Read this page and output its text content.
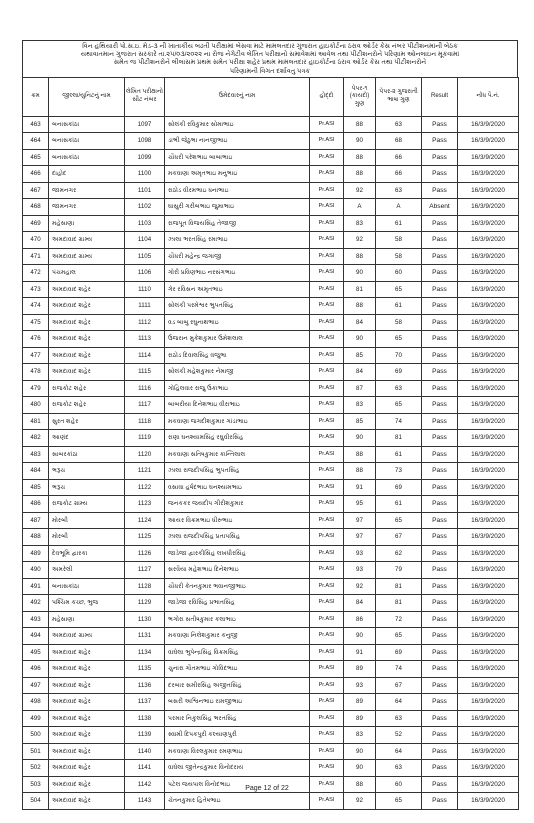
વિન હથિયારી પો.સ.ઇ. મેડ-૩ ની ખાતાકીય બઢતી પરીક્ષામાં બેસવા માટે મામલતદાર ગુજરાત હાઇકોર્ટના ઠરાવ ઓર્ડર કેસ નંબર પીટીશનમાંની બેઠક
યથાવાતમાન ગુજરાત સરકારે તા.૨૫/૦૩/૨૦૨૨ ના રોજ નેગેટીવ લેખિત પરીક્ષાનો સમાવેશમાં આવેલ તથા પીટીશનરોને પરિણામ ઓનલાઇન મૂકવામાં
સમેત જ પીટીશનરોને લીલાસમ પ્રથમ સમેત પરીક્ષા શહેર પ્રથમ મામલતદાર હાઇકોર્ટના ઠરાવ ઓર્ડર કેસ તથા પીટીશનરોને
પરિણામની વિગત દર્શાવતુ પત્રક
ક્રમ	જીલ્લા/યુનિટનું નામ	લેખિત પરીક્ષાનો સીટ નંબર	ઉમેદવારનું નામ	હોદ્દો	પેપર-૧ (કાયદો) ગુણ	પેપર-૨ ગુજરાતી ભાષા ગુણ	Result	નોંધ પૈ.નં.
463	બનાસકાંઠા	1097	સોલંકી રવિકુમાર સોમાભાઇ	Pr.ASI	88	63	Pass	16/3/9/2020
464	બનાસકાંઠા	1098	ડાભી જેઠુભા નાનજીભાઇ	Pr.ASI	90	68	Pass	16/3/9/2020
465	બનાસકાંઠા	1099	ચૌધરી પરેશભાઇ બાબાભાઇ	Pr.ASI	88	66	Pass	16/3/9/2020
466	દાહોદ	1100	મકવાણા અમૃતભાઇ મનુભાઇ	Pr.ASI	88	66	Pass	16/3/9/2020
467	જામનગર	1101	રાઠોડ વીરમભાઇ ધનાભાઇ	Pr.ASI	92	63	Pass	16/3/9/2020
468	જામનગર	1102	ઘાસુરી ગરીબભાઇ જુમાભાઇ	Pr.ASI	A	A	Absent	16/3/9/2020
469	મહેસાણા	1103	રાજપૂત વિજયસિંહ તેજાજી	Pr.ASI	83	61	Pass	16/3/9/2020
470	અમદાવાદ ગ્રામ્ય	1104	ઝાલા ભરતસિંહ રમાભાઇ	Pr.ASI	92	58	Pass	16/3/9/2020
471	અમદાવાદ ગ્રામ્ય	1105	ચૌધરી મહેન્દ્ર જગાજી	Pr.ASI	88	58	Pass	16/3/9/2020
472	પંચમહાલ	1106	ગોરી પ્રવિણભાઇ નરસંગભાઇ	Pr.ASI	90	60	Pass	16/3/9/2020
473	અમદાવાદ શહેર	1110	ગેર રવિસન અમૃતભાઇ	Pr.ASI	81	65	Pass	16/3/9/2020
474	અમદાવાદ શહેર	1111	સોલંકી પરમેશ્વર ભુપતસિંહ	Pr.ASI	88	61	Pass	16/3/9/2020
475	અમદાવાદ શહેર	1112	વડ બાબુ રઘુનાથભાઇ	Pr.ASI	84	58	Pass	16/3/9/2020
476	અમદાવાદ શહેર	1113	ઉજરાન મુકેશકુમાર ઉમેશલાલ	Pr.ASI	90	65	Pass	16/3/9/2020
477	અમદાવાદ શહેર	1114	રાઠોડ દિવાલસિંહ વજુભા	Pr.ASI	85	70	Pass	16/3/9/2020
478	અમદાવાદ શહેર	1115	સોલંકી મહેશકુમાર નેમાજી	Pr.ASI	84	69	Pass	16/3/9/2020
479	રાજકોટ શહેર	1116	ગોહિલવાર રાજુ ઉકાભાઇ	Pr.ASI	87	63	Pass	16/3/9/2020
480	રાજકોટ શહેર	1117	બાબરીયા દિનેશભાઇ વીરાભાઇ	Pr.ASI	83	65	Pass	16/3/9/2020
481	સુરત શહેર	1118	મકવાણા જગદીશકુમાર ગાંડાભાઇ	Pr.ASI	85	74	Pass	16/3/9/2020
482	આણંદ	1119	રાણા ઘનશ્યામસિંહ રઘુવીરસિંહ	Pr.ASI	90	81	Pass	16/3/9/2020
483	સાબરકાંઠા	1120	મકવાણા સતિષકુમાર કાન્તિલાલ	Pr.ASI	88	61	Pass	16/3/9/2020
484	ભરૂચ	1121	ઝાલા રાજદીપસિંહ ભુપતસિંહ	Pr.ASI	88	73	Pass	16/3/9/2020
485	ભરૂચ	1122	વસાવા હર્ષદભાઇ ઘનશ્યામભાઇ	Pr.ASI	91	69	Pass	16/3/9/2020
486	રાજકોટ ગ્રામ્ય	1123	જનકકર જયદીપ ગીરીશકુમાર	Pr.ASI	95	61	Pass	16/3/9/2020
487	મોરબી	1124	આયર વિક્રમભાઇ ધીરુભાઇ	Pr.ASI	97	65	Pass	16/3/9/2020
488	મોરબી	1125	ઝાલા રાજદીપસિંહ પ્રતાપસિંહ	Pr.ASI	97	67	Pass	16/3/9/2020
489	દેવભૂમિ દ્વારકા	1126	જાડેજા દ્વારકીસિંહ લખધીરસિંહ	Pr.ASI	93	62	Pass	16/3/9/2020
490	અમરેલી	1127	સરવૈયા મહેશભાઇ દિનેશભાઇ	Pr.ASI	93	79	Pass	16/3/9/2020
491	બનાસકાંઠા	1128	ચૌધરી કેતનકુમાર ભવાનજીભાઇ	Pr.ASI	92	81	Pass	16/3/9/2020
492	પશ્ચિમ કચ્છ, ભુજ	1129	જાડેજા રવિસિંહ પ્રભાતસિંહ	Pr.ASI	84	81	Pass	16/3/9/2020
493	મહેસાણા	1130	ભગોરા સતીષકુમાર કલાભાઇ	Pr.ASI	86	72	Pass	16/3/9/2020
494	અમદાવાદ ગ્રામ્ય	1131	મકવાણા નિલેશકુમાર કનુજી	Pr.ASI	90	65	Pass	16/3/9/2020
495	અમદાવાદ શહેર	1134	વાઘેલા ભુપેન્દ્રસિંહ વિક્રમસિંહ	Pr.ASI	91	69	Pass	16/3/9/2020
496	અમદાવાદ શહેર	1135	ચુનારા ગૌતમભાઇ ગોવિંદભાઇ	Pr.ASI	89	74	Pass	16/3/9/2020
497	અમદાવાદ શહેર	1136	દરબાર સમીરસિંહ અજીતસિંહ	Pr.ASI	93	67	Pass	16/3/9/2020
498	અમદાવાદ શહેર	1137	બસરી અશ્વિનભાઇ રામજીભાઇ	Pr.ASI	89	64	Pass	16/3/9/2020
499	અમદાવાદ શહેર	1138	પરમાર નિકુલસિંહ ભરતસિંહ	Pr.ASI	89	63	Pass	16/3/9/2020
500	અમદાવાદ શહેર	1139	સ્વામી દિપકપુરી કલ્યાણપુરી	Pr.ASI	83	52	Pass	16/3/9/2020
501	અમદાવાદ શહેર	1140	મકવાણા વિરલકુમાર રમણભાઇ	Pr.ASI	90	64	Pass	16/3/9/2020
502	અમદાવાદ શહેર	1141	વાઘેલા જીતેન્દ્રકુમાર વિનોદરાય	Pr.ASI	90	63	Pass	16/3/9/2020
503	અમદાવાદ શહેર	1142	પટેલ જયપાલ વિનોદભાઇ	Pr.ASI	88	60	Pass	16/3/9/2020
504	અમદાવાદ શહેર	1143	ચેતનકુમાર હિતેષભાઇ	Pr.ASI	92	65	Pass	16/3/9/2020
Page 12 of 22
